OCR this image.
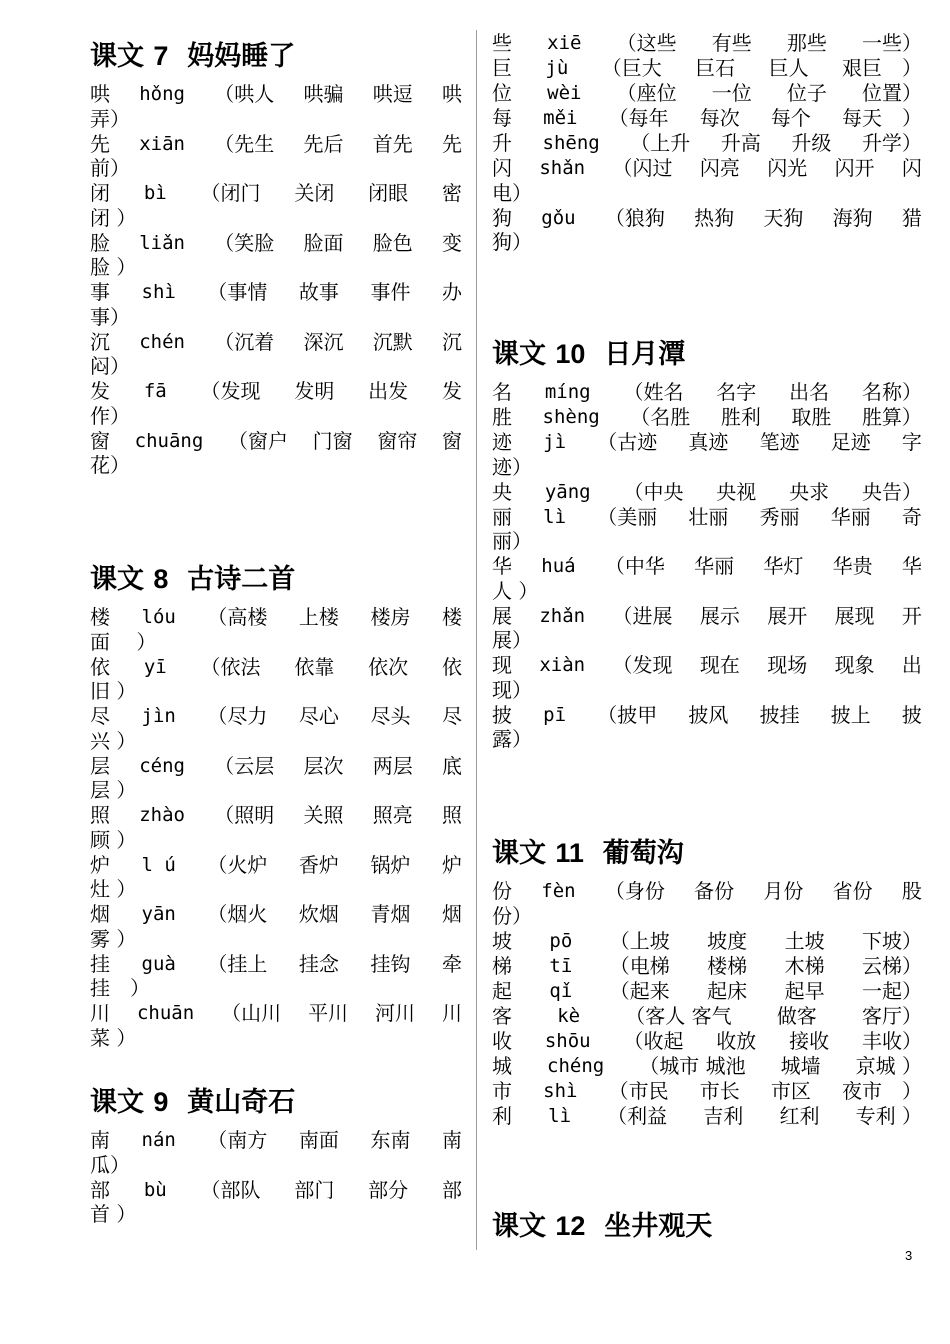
课文 7 妈妈睡了
哄 hǒng （哄人 哄骗 哄逗 哄
弄）
先 xiān （先生 先后 首先 先
前）
闭 bì （闭门 关闭 闭眼 密
闭 ）
脸 liǎn （笑脸 脸面 脸色 变
脸 ）
事 shì （事情 故事 事件 办
事）
沉 chén （沉着 深沉 沉默 沉
闷）
发 fā （发现 发明 出发 发
作）
窗 chuāng （窗户 门窗 窗帘 窗
花）
课文 8 古诗二首
楼 lóu （高楼 上楼 楼房 楼
面　 ）
依 yī （依法 依靠 依次 依
旧 ）
尽 jìn （尽力 尽心 尽头 尽
兴 ）
层 céng （云层 层次 两层 底
层 ）
照 zhào （照明 关照 照亮 照
顾 ）
炉 l ú （火炉 香炉 锅炉 炉
灶 ）
烟 yān （烟火 炊烟 青烟 烟
雾 ）
挂 guà （挂上 挂念 挂钩 牵
挂　）
川 chuān （山川 平川 河川 川
菜 ）
课文 9 黄山奇石
南 nán （南方 南面 东南 南
瓜）
部 bù （部队 部门 部分 部
首 ）
些 xiē （这些 有些 那些 一些）
巨 jù （巨大 巨石 巨人 艰巨　）
位 wèi （座位 一位 位子 位置）
每 měi （每年 每次 每个 每天　）
升 shēng （上升 升高 升级 升学）
闪 shǎn （闪过 闪亮 闪光 闪开 闪
电）
狗 gǒu （狼狗 热狗 天狗 海狗 猎
狗）
课文 10 日月潭
名 míng （姓名 名字 出名 名称）
胜 shèng （名胜 胜利 取胜 胜算）
迹 jì （古迹 真迹 笔迹 足迹 字
迹）
央 yāng （中央 央视 央求 央告）
丽 lì （美丽 壮丽 秀丽 华丽 奇
丽）
华 huá （中华 华丽 华灯 华贵 华
人 ）
展 zhǎn （进展 展示 展开 展现 开
展）
现 xiàn （发现 现在 现场 现象 出
现）
披 pī （披甲 披风 披挂 披上 披
露）
课文 11 葡萄沟
份 fèn （身份 备份 月份 省份 股
份）
坡 pō （上坡 坡度 土坡 下坡）
梯 tī （电梯 楼梯 木梯 云梯）
起 qǐ （起来 起床 起早 一起）
客 kè （客人 客气 做客 客厅）
收 shōu （收起 收放 接收 丰收）
城 chéng （城市 城池 城墙 京城 ）
市 shì （市民 市长 市区 夜市　）
利 lì （利益 吉利 红利 专利 ）
课文 12 坐井观天
3
